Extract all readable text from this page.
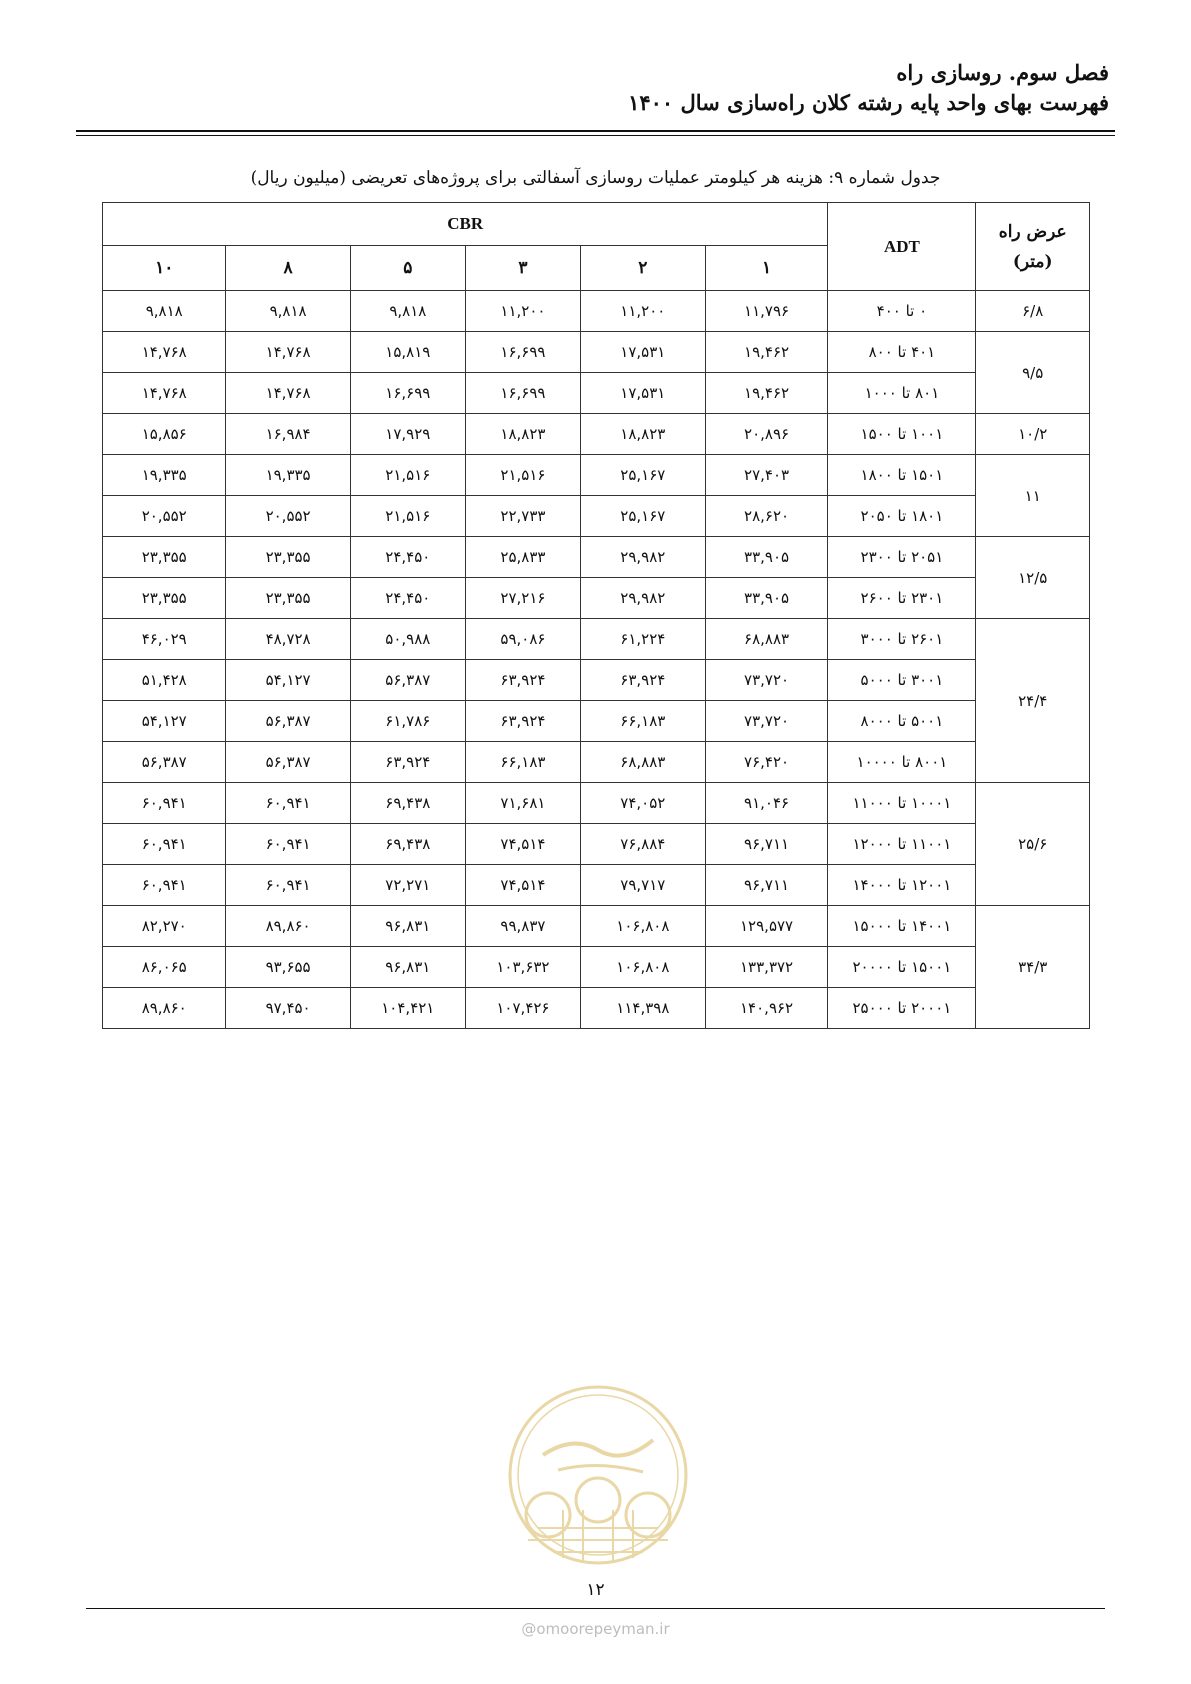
فصل سوم. روسازی راه
فهرست بهای واحد پایه رشته کلان راه‌سازی سال ۱۴۰۰
جدول شماره ۹: هزینه هر کیلومتر عملیات روسازی آسفالتی برای پروژه‌های تعریضی (میلیون ریال)
عرض راه
(متر)	ADT	CBR					
		۱	۲	۳	۵	۸	۱۰
۶/۸	۰ تا ۴۰۰	۱۱,۷۹۶	۱۱,۲۰۰	۱۱,۲۰۰	۹,۸۱۸	۹,۸۱۸	۹,۸۱۸
۹/۵	۴۰۱ تا ۸۰۰	۱۹,۴۶۲	۱۷,۵۳۱	۱۶,۶۹۹	۱۵,۸۱۹	۱۴,۷۶۸	۱۴,۷۶۸
	۸۰۱ تا ۱۰۰۰	۱۹,۴۶۲	۱۷,۵۳۱	۱۶,۶۹۹	۱۶,۶۹۹	۱۴,۷۶۸	۱۴,۷۶۸
۱۰/۲	۱۰۰۱ تا ۱۵۰۰	۲۰,۸۹۶	۱۸,۸۲۳	۱۸,۸۲۳	۱۷,۹۲۹	۱۶,۹۸۴	۱۵,۸۵۶
۱۱	۱۵۰۱ تا ۱۸۰۰	۲۷,۴۰۳	۲۵,۱۶۷	۲۱,۵۱۶	۲۱,۵۱۶	۱۹,۳۳۵	۱۹,۳۳۵
	۱۸۰۱ تا ۲۰۵۰	۲۸,۶۲۰	۲۵,۱۶۷	۲۲,۷۳۳	۲۱,۵۱۶	۲۰,۵۵۲	۲۰,۵۵۲
۱۲/۵	۲۰۵۱ تا ۲۳۰۰	۳۳,۹۰۵	۲۹,۹۸۲	۲۵,۸۳۳	۲۴,۴۵۰	۲۳,۳۵۵	۲۳,۳۵۵
	۲۳۰۱ تا ۲۶۰۰	۳۳,۹۰۵	۲۹,۹۸۲	۲۷,۲۱۶	۲۴,۴۵۰	۲۳,۳۵۵	۲۳,۳۵۵
۲۴/۴	۲۶۰۱ تا ۳۰۰۰	۶۸,۸۸۳	۶۱,۲۲۴	۵۹,۰۸۶	۵۰,۹۸۸	۴۸,۷۲۸	۴۶,۰۲۹
	۳۰۰۱ تا ۵۰۰۰	۷۳,۷۲۰	۶۳,۹۲۴	۶۳,۹۲۴	۵۶,۳۸۷	۵۴,۱۲۷	۵۱,۴۲۸
	۵۰۰۱ تا ۸۰۰۰	۷۳,۷۲۰	۶۶,۱۸۳	۶۳,۹۲۴	۶۱,۷۸۶	۵۶,۳۸۷	۵۴,۱۲۷
	۸۰۰۱ تا ۱۰۰۰۰	۷۶,۴۲۰	۶۸,۸۸۳	۶۶,۱۸۳	۶۳,۹۲۴	۵۶,۳۸۷	۵۶,۳۸۷
۲۵/۶	۱۰۰۰۱ تا ۱۱۰۰۰	۹۱,۰۴۶	۷۴,۰۵۲	۷۱,۶۸۱	۶۹,۴۳۸	۶۰,۹۴۱	۶۰,۹۴۱
	۱۱۰۰۱ تا ۱۲۰۰۰	۹۶,۷۱۱	۷۶,۸۸۴	۷۴,۵۱۴	۶۹,۴۳۸	۶۰,۹۴۱	۶۰,۹۴۱
	۱۲۰۰۱ تا ۱۴۰۰۰	۹۶,۷۱۱	۷۹,۷۱۷	۷۴,۵۱۴	۷۲,۲۷۱	۶۰,۹۴۱	۶۰,۹۴۱
۳۴/۳	۱۴۰۰۱ تا ۱۵۰۰۰	۱۲۹,۵۷۷	۱۰۶,۸۰۸	۹۹,۸۳۷	۹۶,۸۳۱	۸۹,۸۶۰	۸۲,۲۷۰
	۱۵۰۰۱ تا ۲۰۰۰۰	۱۳۳,۳۷۲	۱۰۶,۸۰۸	۱۰۳,۶۳۲	۹۶,۸۳۱	۹۳,۶۵۵	۸۶,۰۶۵
	۲۰۰۰۱ تا ۲۵۰۰۰	۱۴۰,۹۶۲	۱۱۴,۳۹۸	۱۰۷,۴۲۶	۱۰۴,۴۲۱	۹۷,۴۵۰	۸۹,۸۶۰
۱۲
@omoorepeyman.ir
